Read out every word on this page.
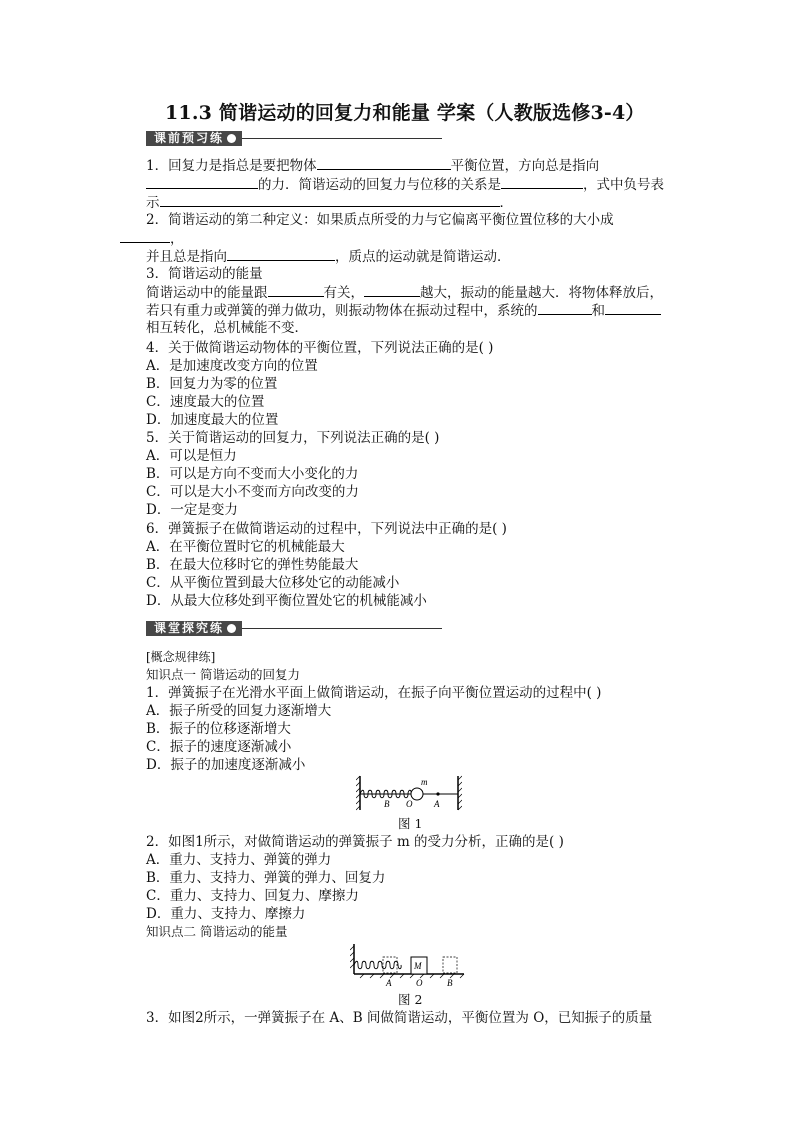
11.3 简谐运动的回复力和能量 学案（人教版选修3-4）
课前预习练
1．回复力是指总是要把物体	平衡位置，方向总是指向
的力．简谐运动的回复力与位移的关系是	，式中负号表
示	．
2．简谐运动的第二种定义：如果质点所受的力与它偏离平衡位置位移的大小成
，
并且总是指向	，质点的运动就是简谐运动．
3．简谐运动的能量
简谐运动中的能量跟	有关，	越大，振动的能量越大．将物体释放后，
若只有重力或弹簧的弹力做功，则振动物体在振动过程中，系统的	和
相互转化，总机械能不变．
4．关于做简谐运动物体的平衡位置，下列说法正确的是( )
A．是加速度改变方向的位置
B．回复力为零的位置
C．速度最大的位置
D．加速度最大的位置
5．关于简谐运动的回复力，下列说法正确的是( )
A．可以是恒力
B．可以是方向不变而大小变化的力
C．可以是大小不变而方向改变的力
D．一定是变力
6．弹簧振子在做简谐运动的过程中，下列说法中正确的是( )
A．在平衡位置时它的机械能最大
B．在最大位移时它的弹性势能最大
C．从平衡位置到最大位移处它的动能减小
D．从最大位移处到平衡位置处它的机械能减小
课堂探究练
[概念规律练]
知识点一 简谐运动的回复力
1．弹簧振子在光滑水平面上做简谐运动，在振子向平衡位置运动的过程中( )
A．振子所受的回复力逐渐增大
B．振子的位移逐渐增大
C．振子的速度逐渐减小
D．振子的加速度逐渐减小
m
B O A
图 1
2．如图1所示，对做简谐运动的弹簧振子 m 的受力分析，正确的是( )
A．重力、支持力、弹簧的弹力
B．重力、支持力、弹簧的弹力、回复力
C．重力、支持力、回复力、摩擦力
D．重力、支持力、摩擦力
知识点二 简谐运动的能量
M
A	O	B
图 2
3．如图2所示，一弹簧振子在 A、B 间做简谐运动，平衡位置为 O，已知振子的质量
